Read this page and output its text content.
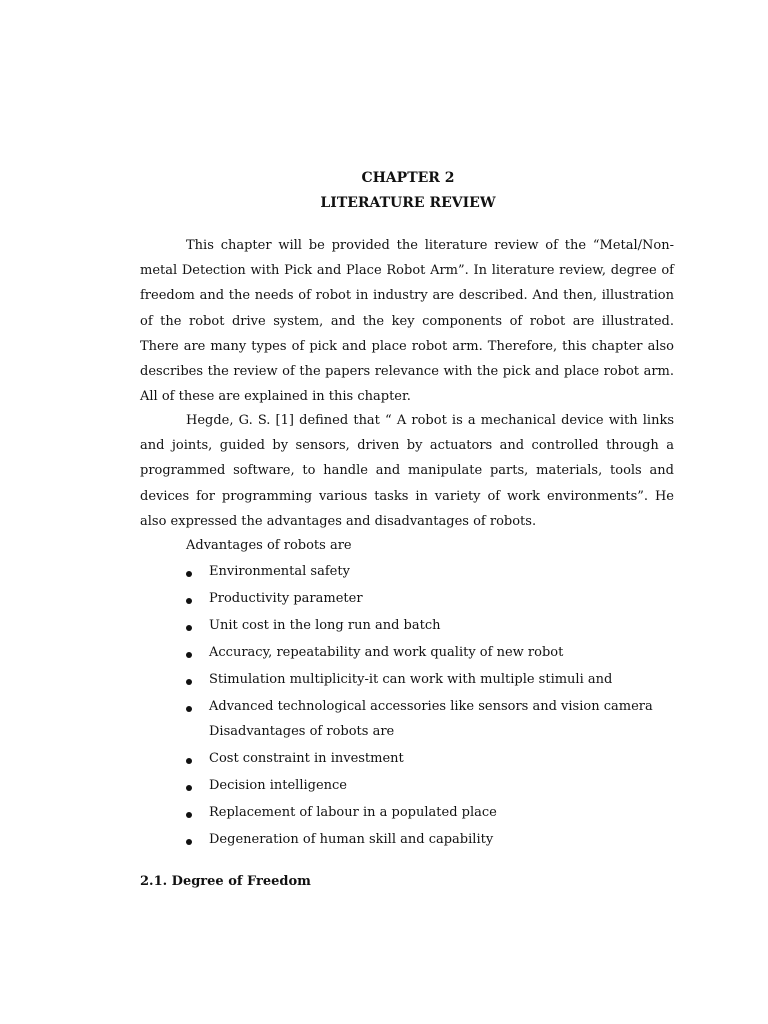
CHAPTER 2
LITERATURE REVIEW
This chapter will be provided the literature review of the “Metal/Non-metal Detection with Pick and Place Robot Arm”. In literature review, degree of freedom and the needs of robot in industry are described. And then, illustration of the robot drive system, and the key components of robot are illustrated. There are many types of pick and place robot arm. Therefore, this chapter also describes the review of the papers relevance with the pick and place robot arm. All of these are explained in this chapter.
Hegde, G. S. [1] defined that “ A robot is a mechanical device with links and joints, guided by sensors, driven by actuators and controlled through a programmed software, to handle and manipulate parts, materials, tools and devices for programming various tasks in variety of work environments”. He also expressed the advantages and disadvantages of robots.
Advantages of robots are
Environmental safety
Productivity parameter
Unit cost in the long run and batch
Accuracy, repeatability and work quality of new robot
Stimulation multiplicity-it can work with multiple stimuli and
Advanced technological accessories like sensors and vision camera
Disadvantages of robots are
Cost constraint in investment
Decision intelligence
Replacement of labour in a populated place
Degeneration of human skill and capability
2.1. Degree of Freedom
